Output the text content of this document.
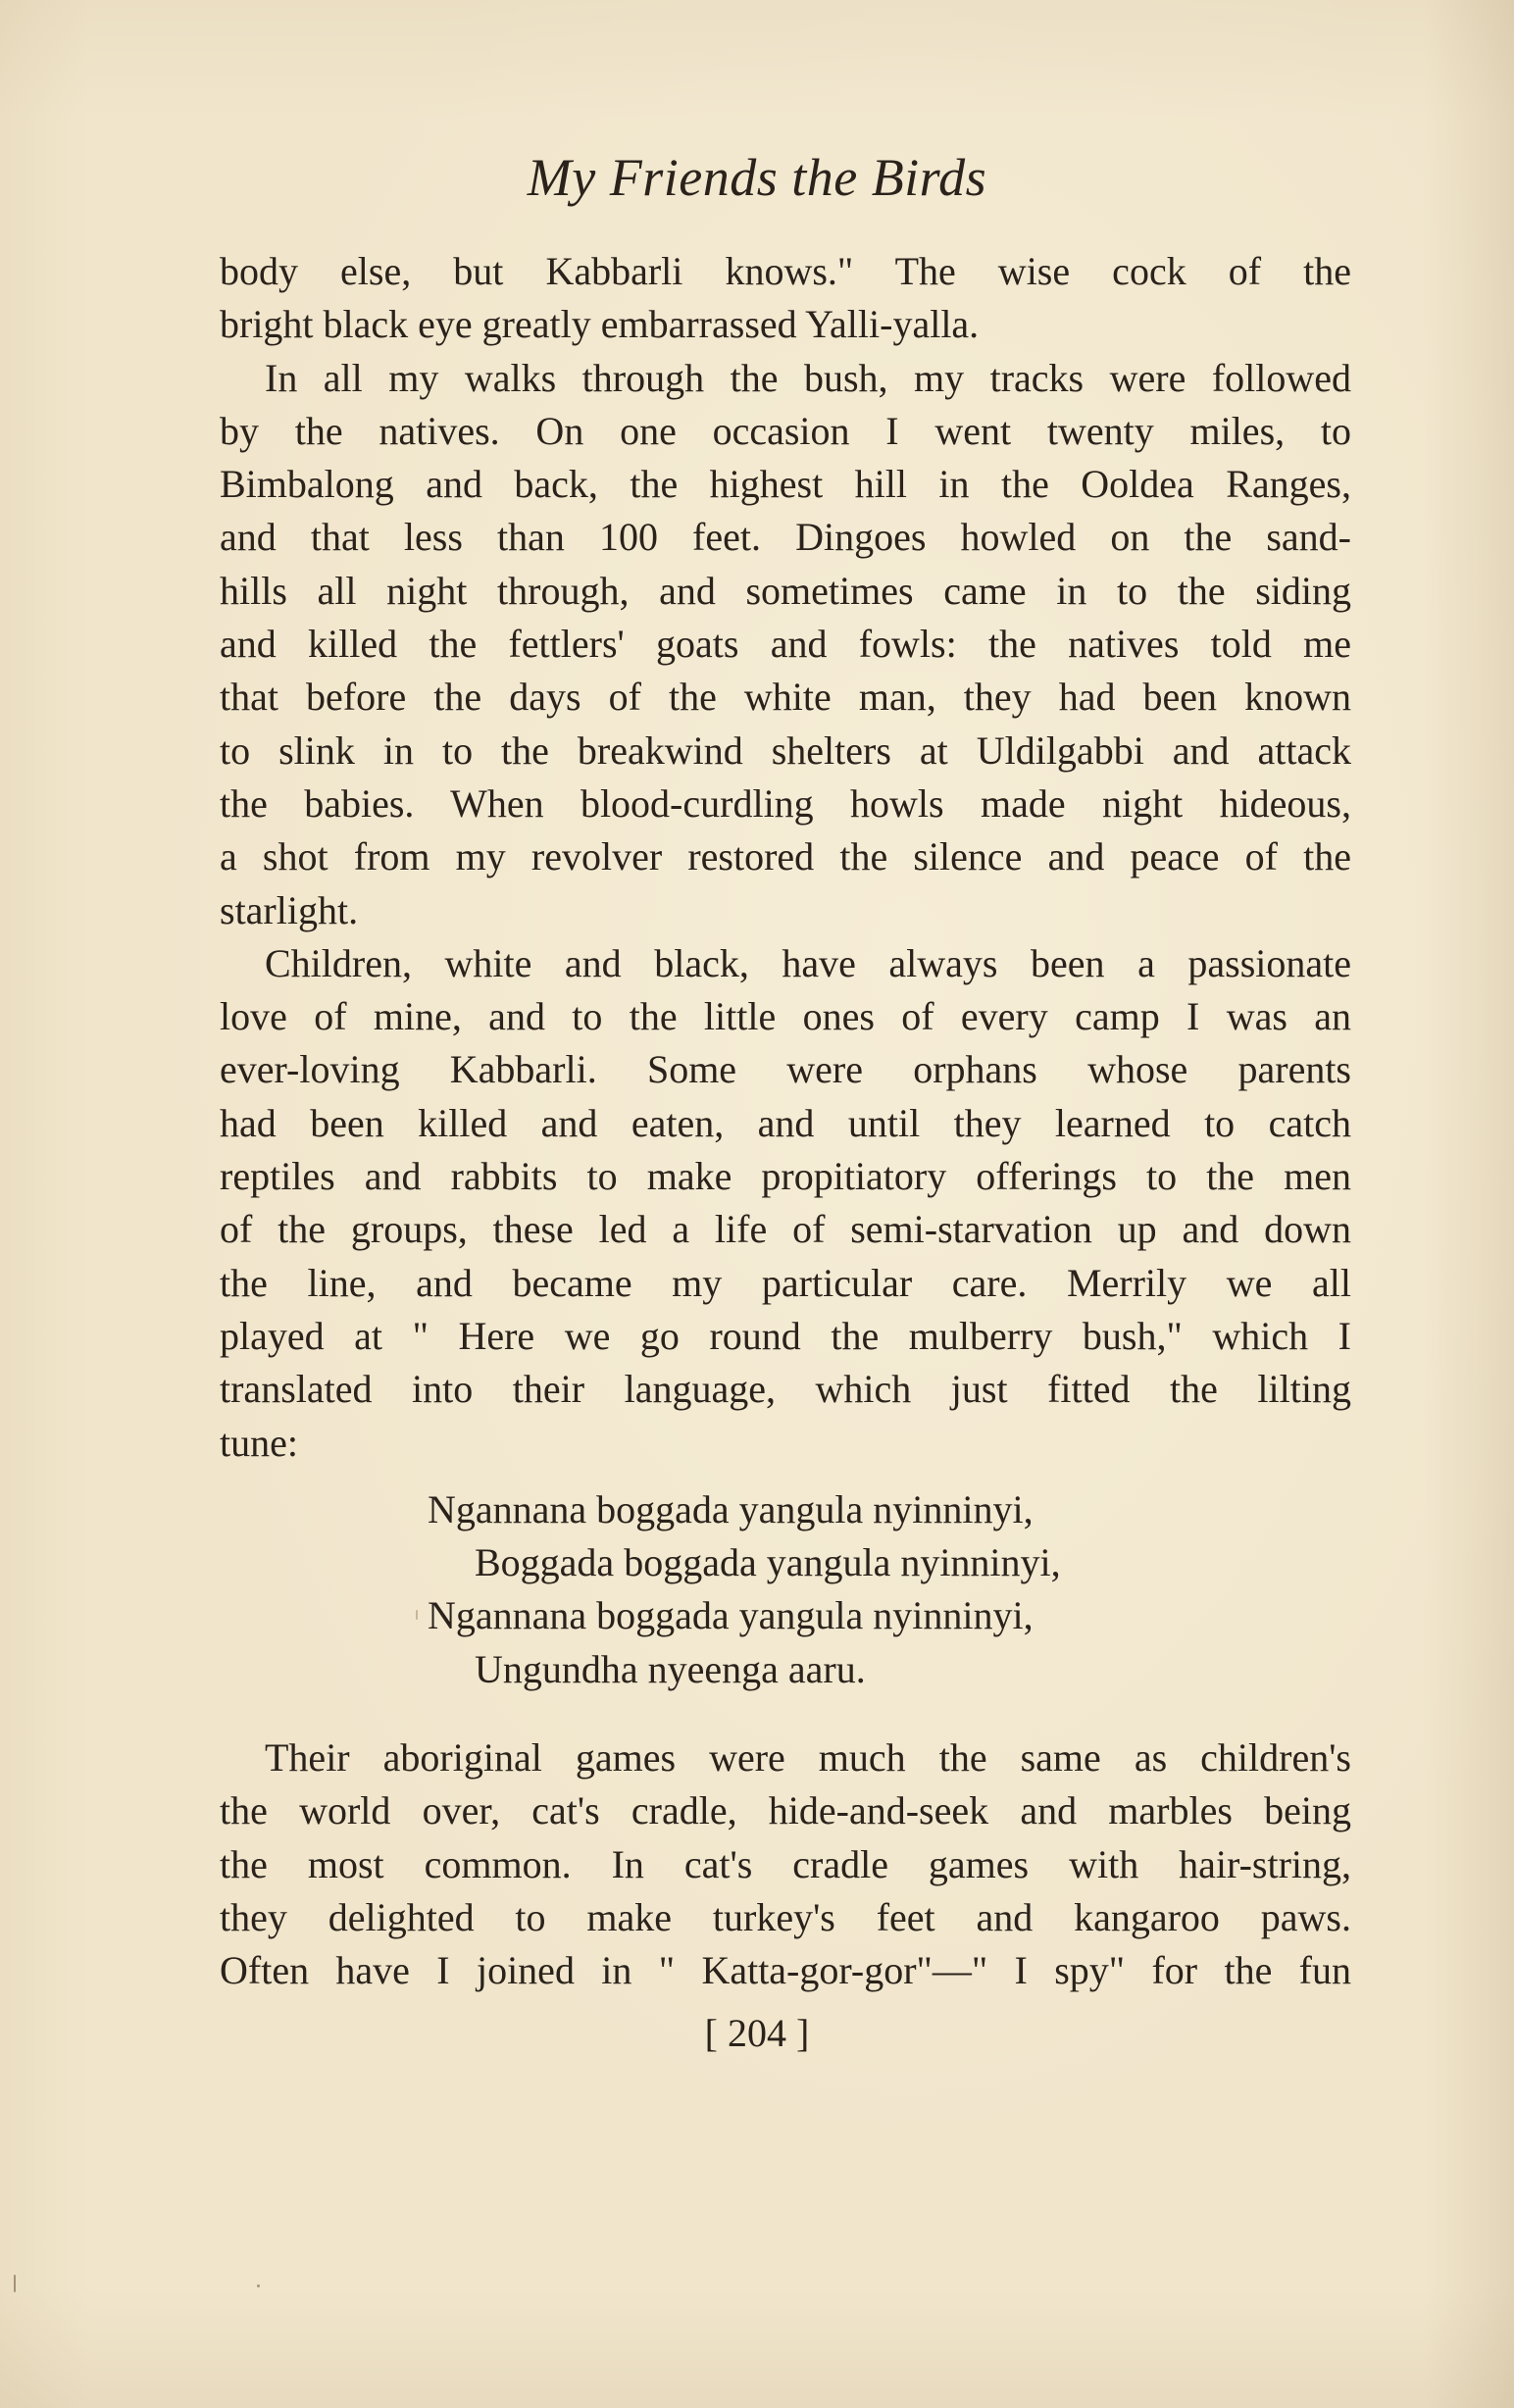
My Friends the Birds
body else, but Kabbarli knows." The wise cock of the
bright black eye greatly embarrassed Yalli-yalla.
In all my walks through the bush, my tracks were followed
by the natives. On one occasion I went twenty miles, to
Bimbalong and back, the highest hill in the Ooldea Ranges,
and that less than 100 feet. Dingoes howled on the sand-
hills all night through, and sometimes came in to the siding
and killed the fettlers' goats and fowls: the natives told me
that before the days of the white man, they had been known
to slink in to the breakwind shelters at Uldilgabbi and attack
the babies. When blood-curdling howls made night hideous,
a shot from my revolver restored the silence and peace of the
starlight.
Children, white and black, have always been a passionate
love of mine, and to the little ones of every camp I was an
ever-loving Kabbarli. Some were orphans whose parents
had been killed and eaten, and until they learned to catch
reptiles and rabbits to make propitiatory offerings to the men
of the groups, these led a life of semi-starvation up and down
the line, and became my particular care. Merrily we all
played at " Here we go round the mulberry bush," which I
translated into their language, which just fitted the lilting
tune:
Ngannana boggada yangula nyinninyi,
Boggada boggada yangula nyinninyi,
Ngannana boggada yangula nyinninyi,
Ungundha nyeenga aaru.
Their aboriginal games were much the same as children's
the world over, cat's cradle, hide-and-seek and marbles being
the most common. In cat's cradle games with hair-string,
they delighted to make turkey's feet and kangaroo paws.
Often have I joined in " Katta-gor-gor"—" I spy" for the fun
[ 204 ]
